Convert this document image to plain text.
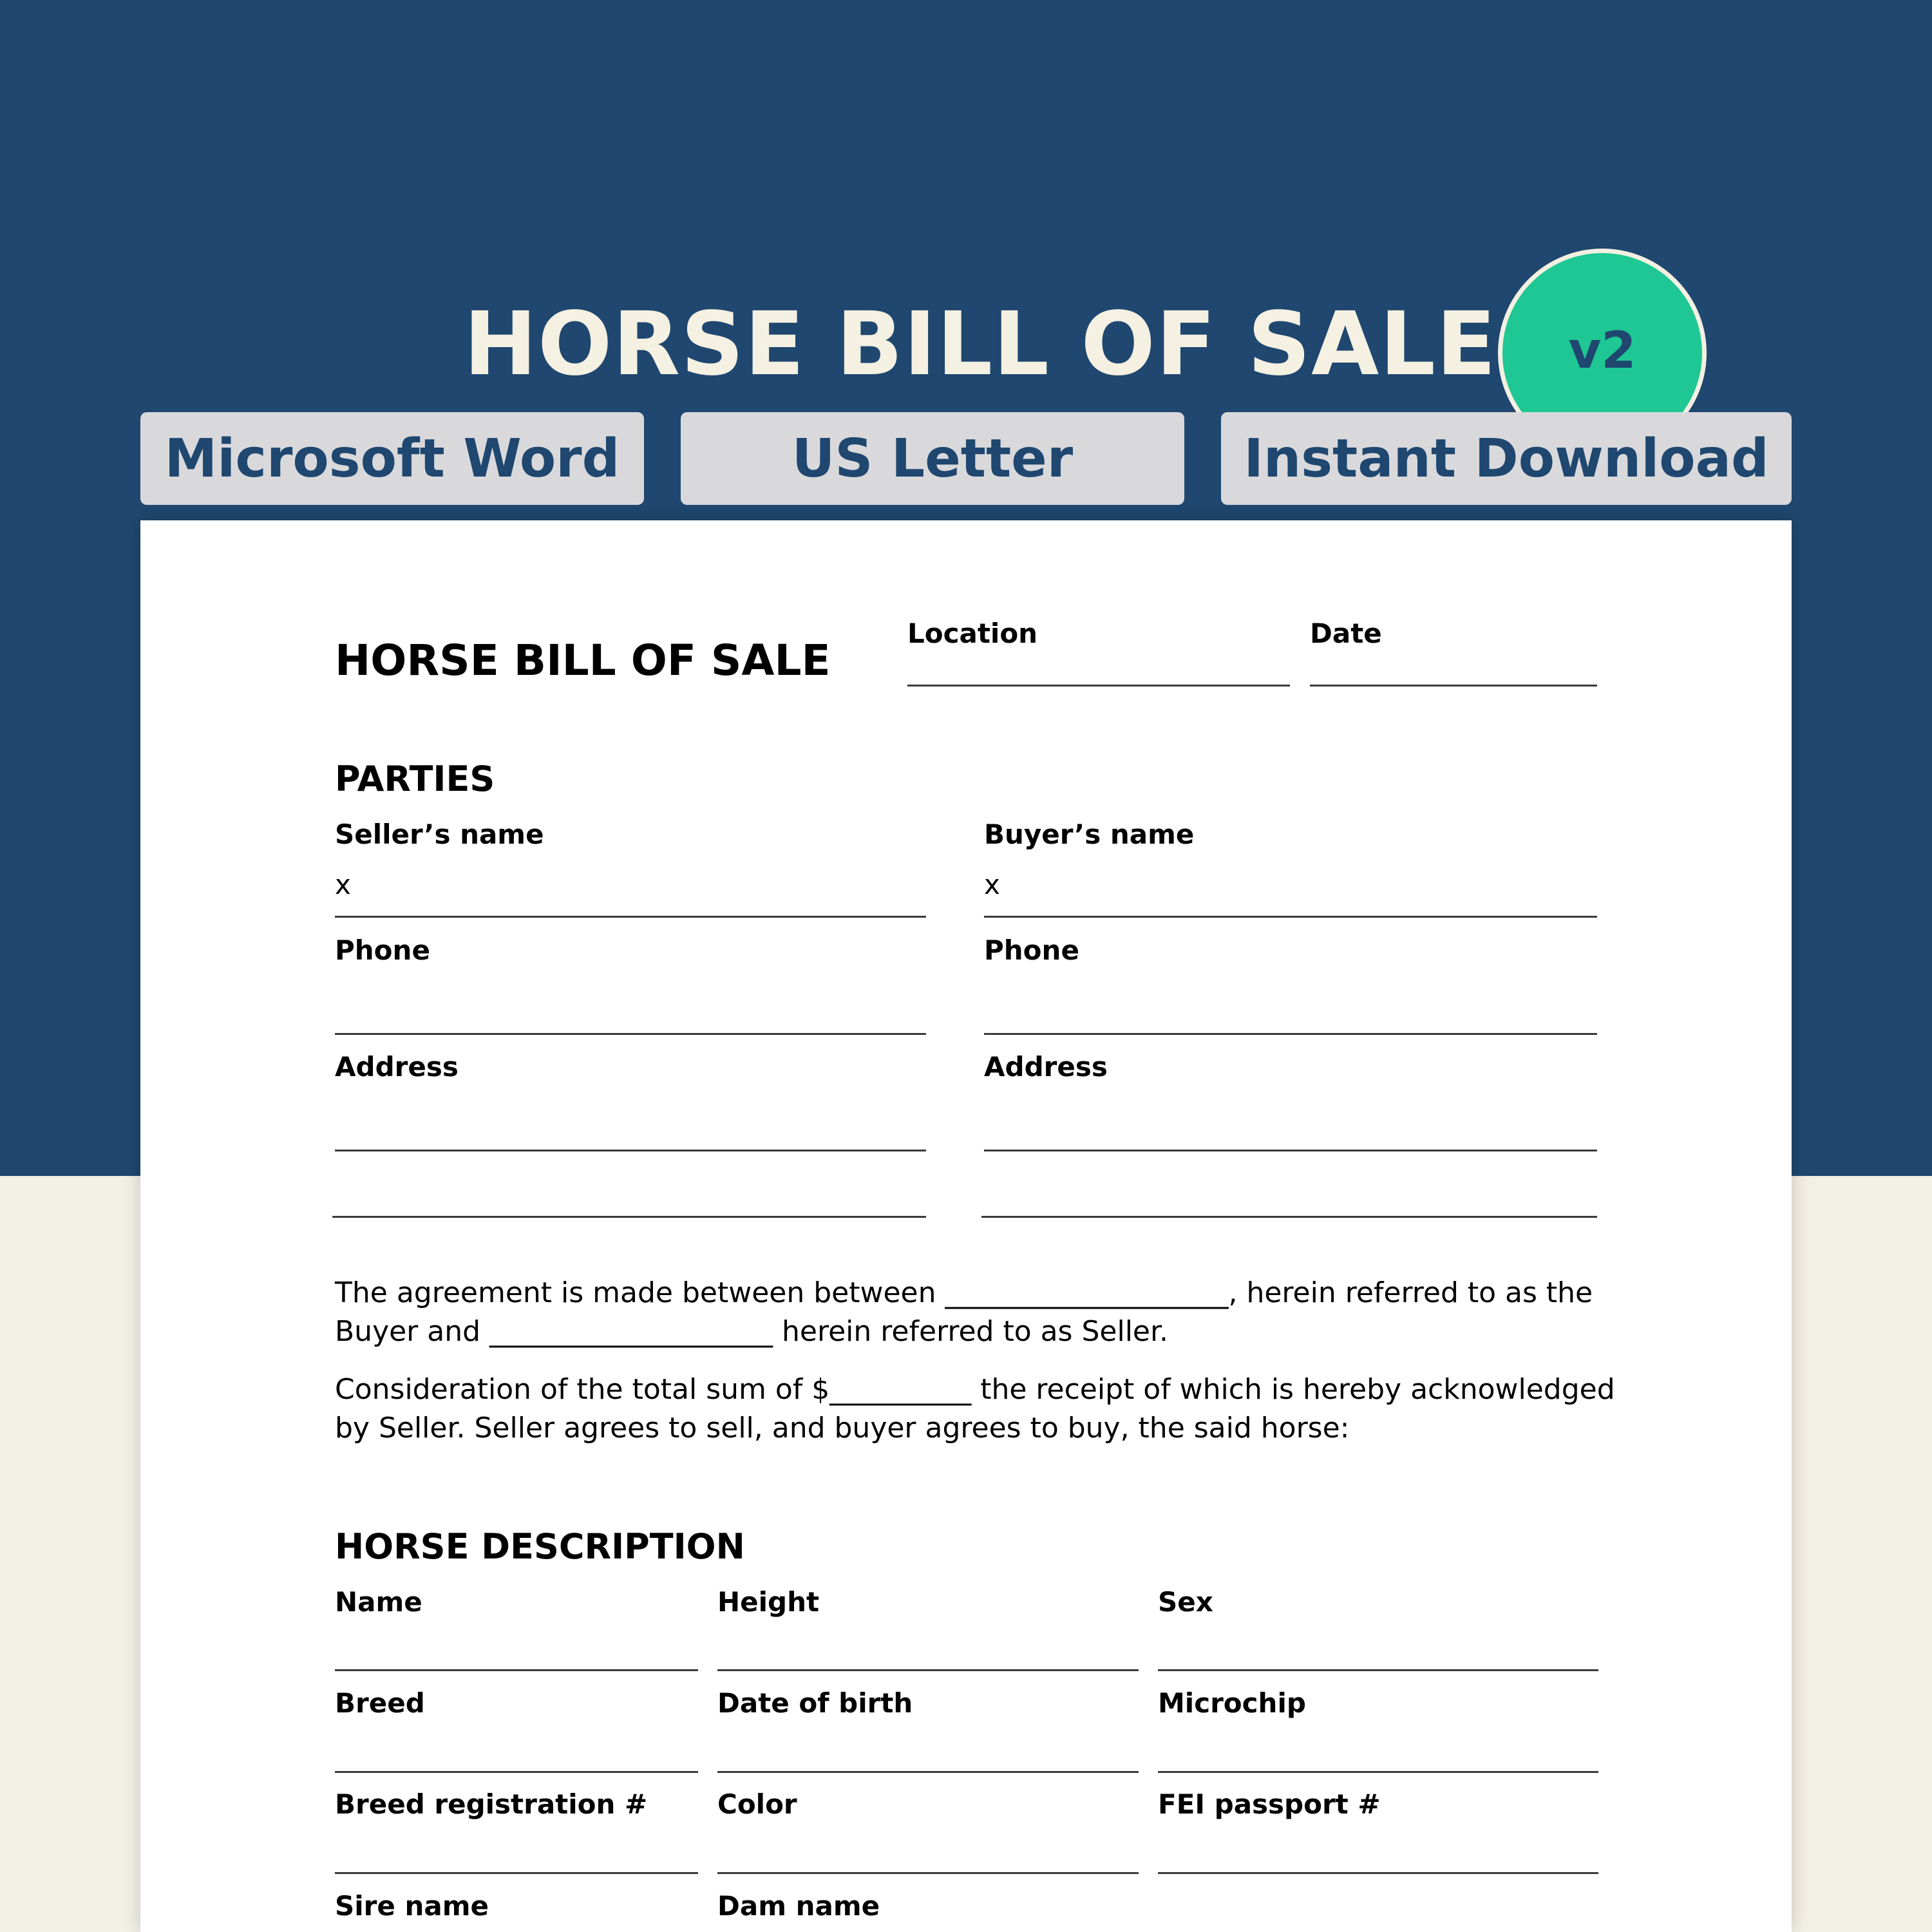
HORSE BILL OF SALE v2
Microsoft Word	US Letter	Instant Download
HORSE BILL OF SALE
Location	Date
PARTIES
Seller’s name
x
Buyer’s name
x
Phone	Phone
Address	Address

The agreement is made between between ____________________, herein referred to as the Buyer and ____________________ herein referred to as Seller.

Consideration of the total sum of $__________ the receipt of which is hereby acknowledged by Seller. Seller agrees to sell, and buyer agrees to buy, the said horse:

HORSE DESCRIPTION
Name	Height	Sex
Breed	Date of birth	Microchip
Breed registration #	Color	FEI passport #
Sire name	Dam name
